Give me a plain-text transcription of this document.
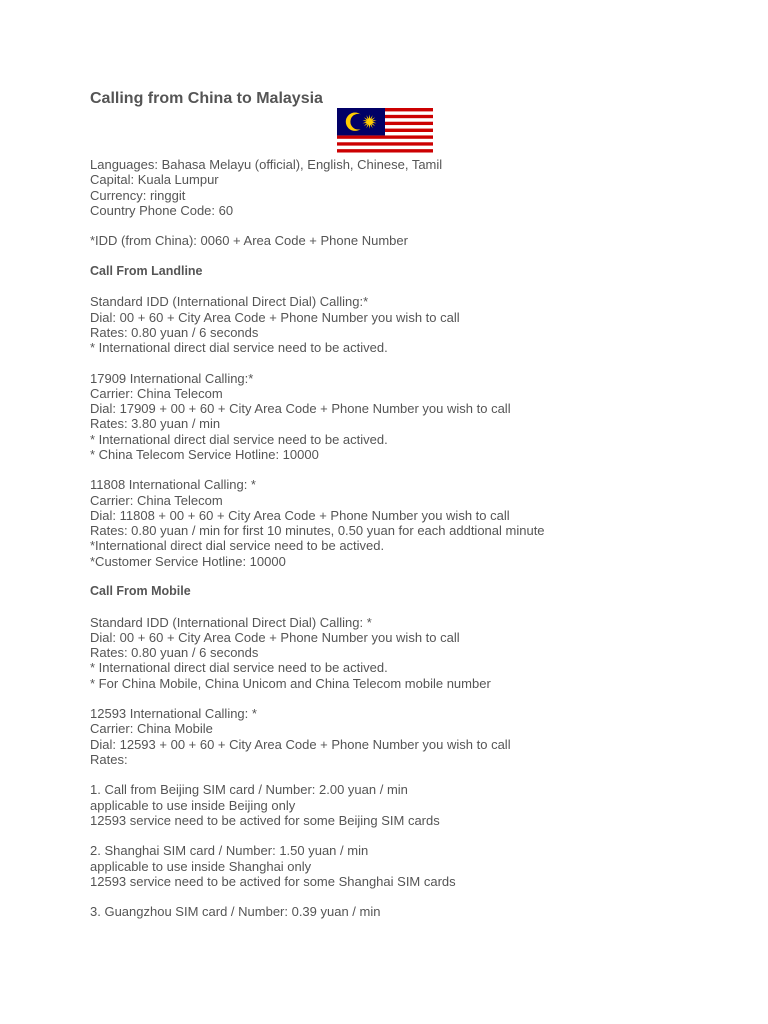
Calling from China to Malaysia
Languages: Bahasa Melayu (official), English, Chinese, Tamil
Capital: Kuala Lumpur
Currency: ringgit
Country Phone Code: 60
*IDD (from China): 0060 + Area Code + Phone Number
Call From Landline
Standard IDD (International Direct Dial) Calling:*
Dial: 00 + 60 + City Area Code + Phone Number you wish to call
Rates: 0.80 yuan / 6 seconds
* International direct dial service need to be actived.
17909 International Calling:*
Carrier: China Telecom
Dial: 17909 + 00 + 60 + City Area Code + Phone Number you wish to call
Rates: 3.80 yuan / min
* International direct dial service need to be actived.
* China Telecom Service Hotline: 10000
11808 International Calling: *
Carrier: China Telecom
Dial: 11808 + 00 + 60 + City Area Code + Phone Number you wish to call
Rates: 0.80 yuan / min for first 10 minutes, 0.50 yuan for each addtional minute
*International direct dial service need to be actived.
*Customer Service Hotline: 10000
Call From Mobile
Standard IDD (International Direct Dial) Calling: *
Dial: 00 + 60 + City Area Code + Phone Number you wish to call
Rates: 0.80 yuan / 6 seconds
* International direct dial service need to be actived.
* For China Mobile, China Unicom and China Telecom mobile number
12593 International Calling: *
Carrier: China Mobile
Dial: 12593 + 00 + 60 + City Area Code + Phone Number you wish to call
Rates:
1. Call from Beijing SIM card / Number: 2.00 yuan / min
applicable to use inside Beijing only
12593 service need to be actived for some Beijing SIM cards
2. Shanghai SIM card / Number: 1.50 yuan / min
applicable to use inside Shanghai only
12593 service need to be actived for some Shanghai SIM cards
3. Guangzhou SIM card / Number: 0.39 yuan / min
